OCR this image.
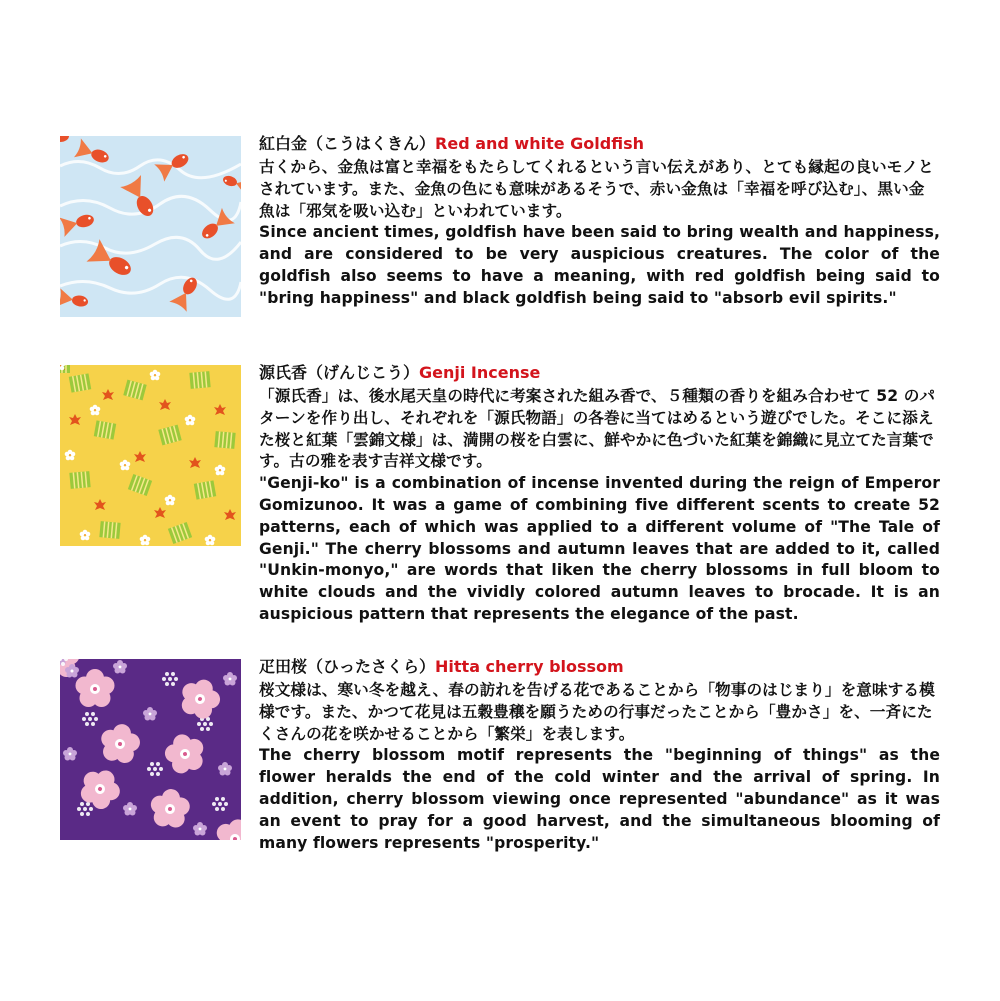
紅白金（こうはくきん）Red and white Goldfish

古くから、金魚は富と幸福をもたらしてくれるという言い伝えがあり、とても縁起の良いモノとされています。また、金魚の色にも意味があるそうで、赤い金魚は「幸福を呼び込む」、黒い金魚は「邪気を吸い込む」といわれています。

Since ancient times, goldfish have been said to bring wealth and happiness, and are considered to be very auspicious creatures. The color of the goldfish also seems to have a meaning, with red goldfish being said to "bring happiness" and black goldfish being said to "absorb evil spirits."

源氏香（げんじこう）Genji Incense

「源氏香」は、後水尾天皇の時代に考案された組み香で、５種類の香りを組み合わせて 52 のパターンを作り出し、それぞれを「源氏物語」の各巻に当てはめるという遊びでした。そこに添えた桜と紅葉「雲錦文様」は、満開の桜を白雲に、鮮やかに色づいた紅葉を錦織に見立てた言葉です。古の雅を表す吉祥文様です。

"Genji-ko" is a combination of incense invented during the reign of Emperor Gomizunoo. It was a game of combining five different scents to create 52 patterns, each of which was applied to a different volume of "The Tale of Genji." The cherry blossoms and autumn leaves that are added to it, called "Unkin-monyo," are words that liken the cherry blossoms in full bloom to white clouds and the vividly colored autumn leaves to brocade. It is an auspicious pattern that represents the elegance of the past.

疋田桜（ひったさくら）Hitta cherry blossom

桜文様は、寒い冬を越え、春の訪れを告げる花であることから「物事のはじまり」を意味する模様です。また、かつて花見は五穀豊穣を願うための行事だったことから「豊かさ」を、一斉にたくさんの花を咲かせることから「繁栄」を表します。

The cherry blossom motif represents the "beginning of things" as the flower heralds the end of the cold winter and the arrival of spring. In addition, cherry blossom viewing once represented "abundance" as it was an event to pray for a good harvest, and the simultaneous blooming of many flowers represents "prosperity."
